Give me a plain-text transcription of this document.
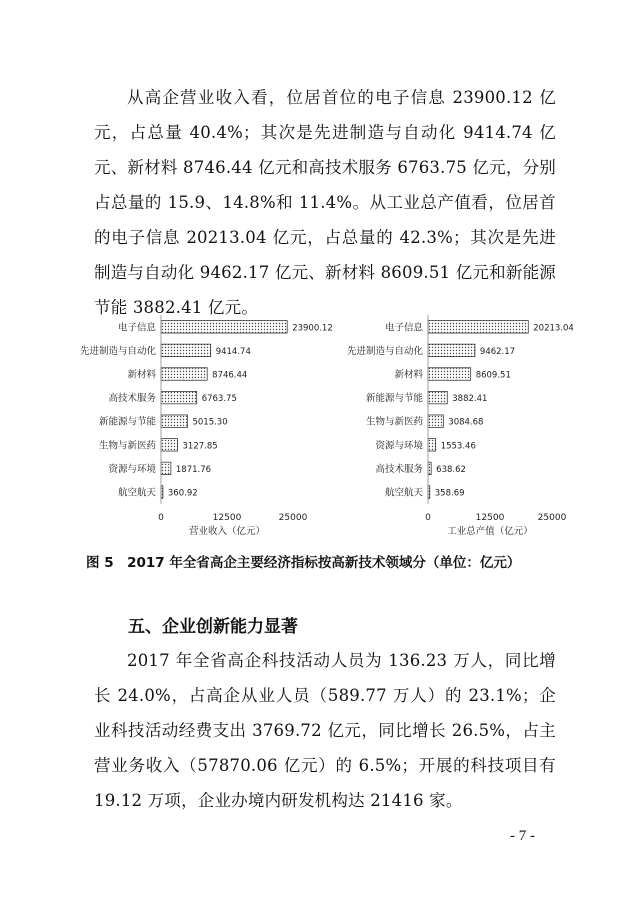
从高企营业收入看，位居首位的电子信息 23900.12 亿元，占总量 40.4%；其次是先进制造与自动化 9414.74 亿元、新材料 8746.44 亿元和高技术服务 6763.75 亿元，分别占总量的 15.9、14.8%和 11.4%。从工业总产值看，位居首的电子信息 20213.04 亿元，占总量的 42.3%；其次是先进制造与自动化 9462.17 亿元、新材料 8609.51 亿元和新能源节能 3882.41 亿元。

电子信息	23900.12
先进制造与自动化	9414.74
新材料	8746.44
高技术服务	6763.75
新能源与节能	5015.30
生物与新医药	3127.85
资源与环境 1871.76
航空航天 360.92
0	12500	25000
营业收入（亿元）
电子信息	20213.04
先进制造与自动化	9462.17
新材料	8609.51
新能源与节能	3882.41
生物与新医药	3084.68
资源与环境 1553.46
高技术服务 638.62
航空航天 358.69
0	12500	25000
工业总产值（亿元）

图 5　2017 年全省高企主要经济指标按高新技术领域分（单位：亿元）

五、企业创新能力显著

2017 年全省高企科技活动人员为 136.23 万人，同比增长 24.0%，占高企从业人员（589.77 万人）的 23.1%；企业科技活动经费支出 3769.72 亿元，同比增长 26.5%，占主营业务收入（57870.06 亿元）的 6.5%；开展的科技项目有 19.12 万项，企业办境内研发机构达 21416 家。

- 7 -
